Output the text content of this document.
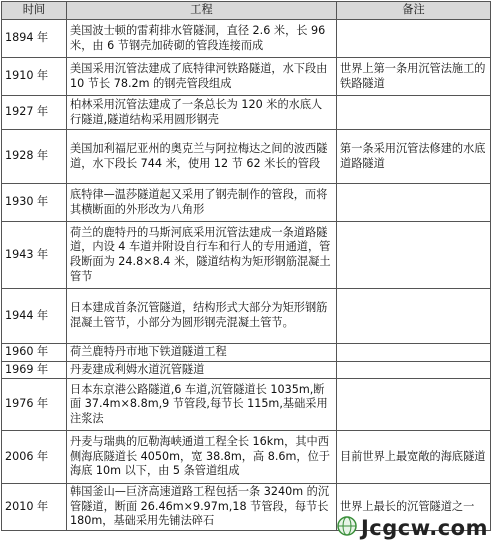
时间	工程	备注
1894 年	美国波士顿的雷莉排水管隧洞，直径 2.6 米，长 96 米，由 6 节钢壳加砖砌的管段连接而成	
1910 年	美国采用沉管法建成了底特律河铁路隧道，水下段由 10 节长 78.2m 的钢壳管段组成	世界上第一条用沉管法施工的铁路隧道
1927 年	柏林采用沉管法建成了一条总长为 120 米的水底人行隧道,隧道结构采用圆形钢壳	
1928 年	美国加利福尼亚州的奥克兰与阿拉梅达之间的波西隧道，水下段长 744 米，使用 12 节 62 米长的管段	第一条采用沉管法修建的水底道路隧道
1930 年	底特律—温莎隧道起又采用了钢壳制作的管段，而将其横断面的外形改为八角形	
1943 年	荷兰的鹿特丹的马斯河底采用沉管法建成一条道路隧道，内设 4 车道并附设自行车和行人的专用通道，管段断面为 24.8×8.4 米，隧道结构为矩形钢筋混凝土管节	
1944 年	日本建成首条沉管隧道，结构形式大部分为矩形钢筋混凝土管节，小部分为圆形钢壳混凝土管节。	
1960 年	荷兰鹿特丹市地下铁道隧道工程	
1969 年	丹麦建成利姆水道沉管隧道	
1976 年	日本东京港公路隧道,6 车道,沉管隧道长 1035m,断面 37.4m×8.8m,9 节管段,每节长 115m,基础采用注浆法	
2006 年	丹麦与瑞典的厄勒海峡通道工程全长 16km，其中西侧海底隧道长 4050m，宽 38.8m，高 8.6m，位于海底 10m 以下，由 5 条管道组成	目前世界上最宽敞的海底隧道
2010 年	韩国釜山—巨济高速道路工程包括一条 3240m 的沉管隧道，断面 26.46m×9.97m,18 节管段，每节长 180m，基础采用先铺法碎石	世界上最长的沉管隧道之一
Jcgcw.com
